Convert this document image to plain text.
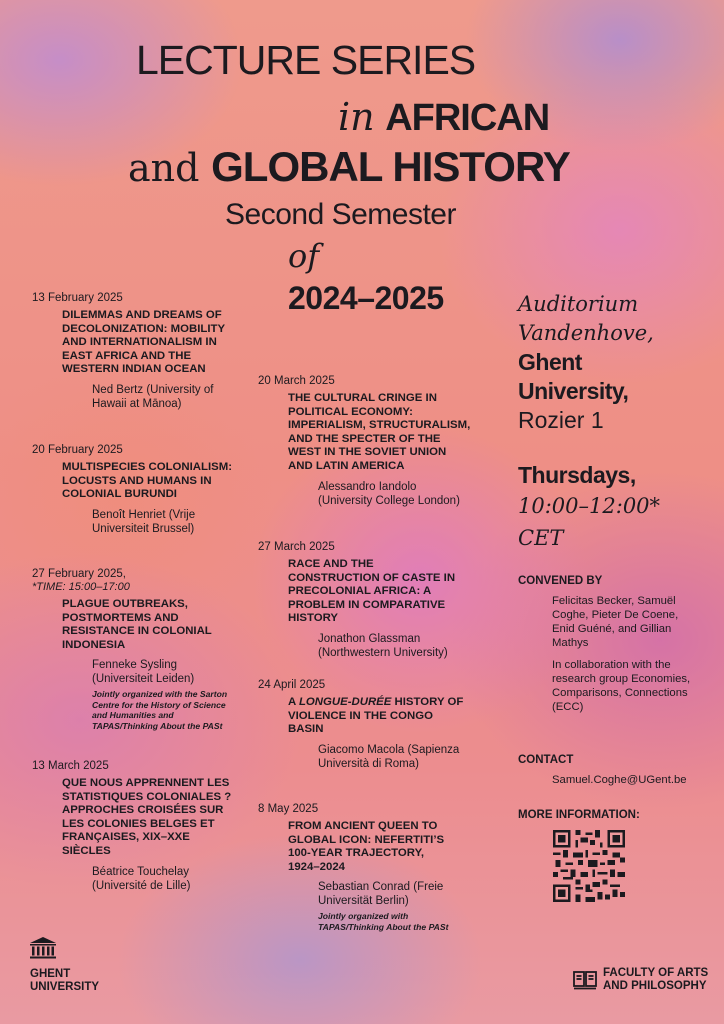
LECTURE SERIES
in AFRICAN
and GLOBAL HISTORY
Second Semester
of
2024–2025
13 February 2025
DILEMMAS AND DREAMS OF DECOLONIZATION: MOBILITY AND INTERNATIONALISM IN EAST AFRICA AND THE WESTERN INDIAN OCEAN
Ned Bertz (University of Hawaii at Mānoa)
20 February 2025
MULTISPECIES COLONIALISM: LOCUSTS AND HUMANS IN COLONIAL BURUNDI
Benoît Henriet (Vrije Universiteit Brussel)
27 February 2025,
*TIME: 15:00–17:00
PLAGUE OUTBREAKS, POSTMORTEMS AND RESISTANCE IN COLONIAL INDONESIA
Fenneke Sysling (Universiteit Leiden)
Jointly organized with the Sarton Centre for the History of Science and Humanities and TAPAS/Thinking About the PASt
13 March 2025
QUE NOUS APPRENNENT LES STATISTIQUES COLONIALES ? APPROCHES CROISÉES SUR LES COLONIES BELGES ET FRANÇAISES, XIX–XXE SIÈCLES
Béatrice Touchelay (Université de Lille)
20 March 2025
THE CULTURAL CRINGE IN POLITICAL ECONOMY: IMPERIALISM, STRUCTURALISM, AND THE SPECTER OF THE WEST IN THE SOVIET UNION AND LATIN AMERICA
Alessandro Iandolo (University College London)
27 March 2025
RACE AND THE CONSTRUCTION OF CASTE IN PRECOLONIAL AFRICA: A PROBLEM IN COMPARATIVE HISTORY
Jonathon Glassman (Northwestern University)
24 April 2025
A LONGUE-DURÉE HISTORY OF VIOLENCE IN THE CONGO BASIN
Giacomo Macola (Sapienza Università di Roma)
8 May 2025
FROM ANCIENT QUEEN TO GLOBAL ICON: NEFERTITI’S 100-YEAR TRAJECTORY, 1924–2024
Sebastian Conrad (Freie Universität Berlin)
Jointly organized with TAPAS/Thinking About the PASt
Auditorium
Vandenhove,
Ghent
University,
Rozier 1
Thursdays,
10:00–12:00*
CET
CONVENED BY
Felicitas Becker, Samuël Coghe, Pieter De Coene, Enid Guéné, and Gillian Mathys
In collaboration with the research group Economies, Comparisons, Connections (ECC)
CONTACT
Samuel.Coghe@UGent.be
MORE INFORMATION:
GHENT
UNIVERSITY
FACULTY OF ARTS
AND PHILOSOPHY
